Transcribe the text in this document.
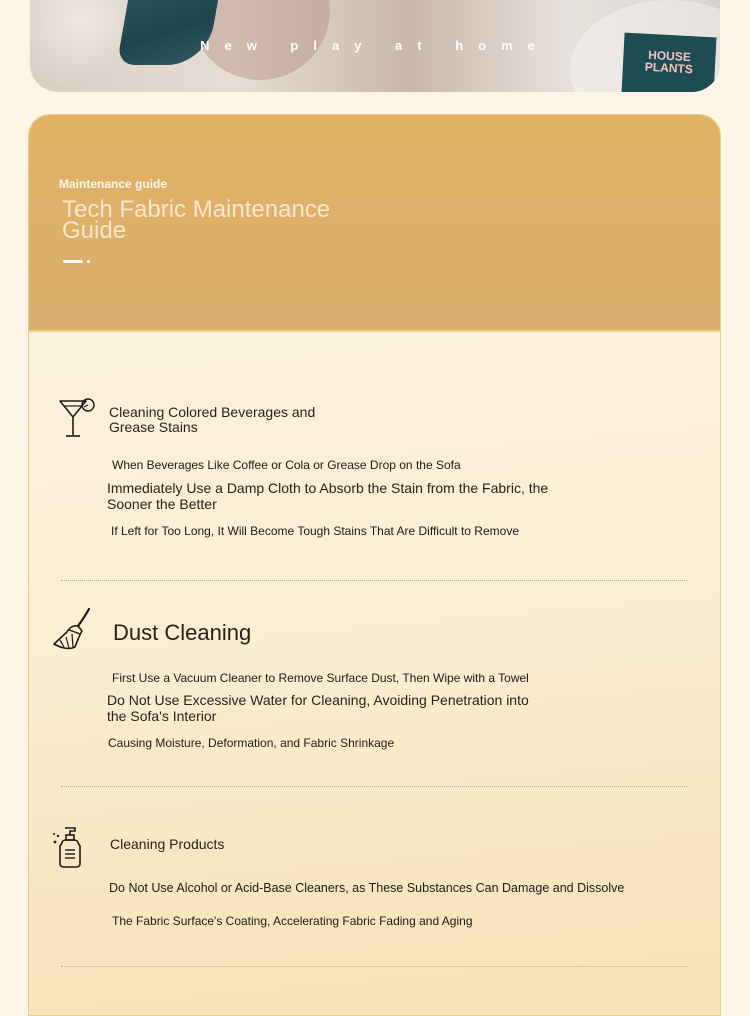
HOUSE PLANTS
New play at home
Maintenance guide
Tech Fabric Maintenance Guide
Cleaning Colored Beverages and Grease Stains
When Beverages Like Coffee or Cola or Grease Drop on the Sofa
Immediately Use a Damp Cloth to Absorb the Stain from the Fabric, the Sooner the Better
If Left for Too Long, It Will Become Tough Stains That Are Difficult to Remove
Dust Cleaning
First Use a Vacuum Cleaner to Remove Surface Dust, Then Wipe with a Towel
Do Not Use Excessive Water for Cleaning, Avoiding Penetration into the Sofa's Interior
Causing Moisture, Deformation, and Fabric Shrinkage
Cleaning Products
Do Not Use Alcohol or Acid-Base Cleaners, as These Substances Can Damage and Dissolve
The Fabric Surface's Coating, Accelerating Fabric Fading and Aging
